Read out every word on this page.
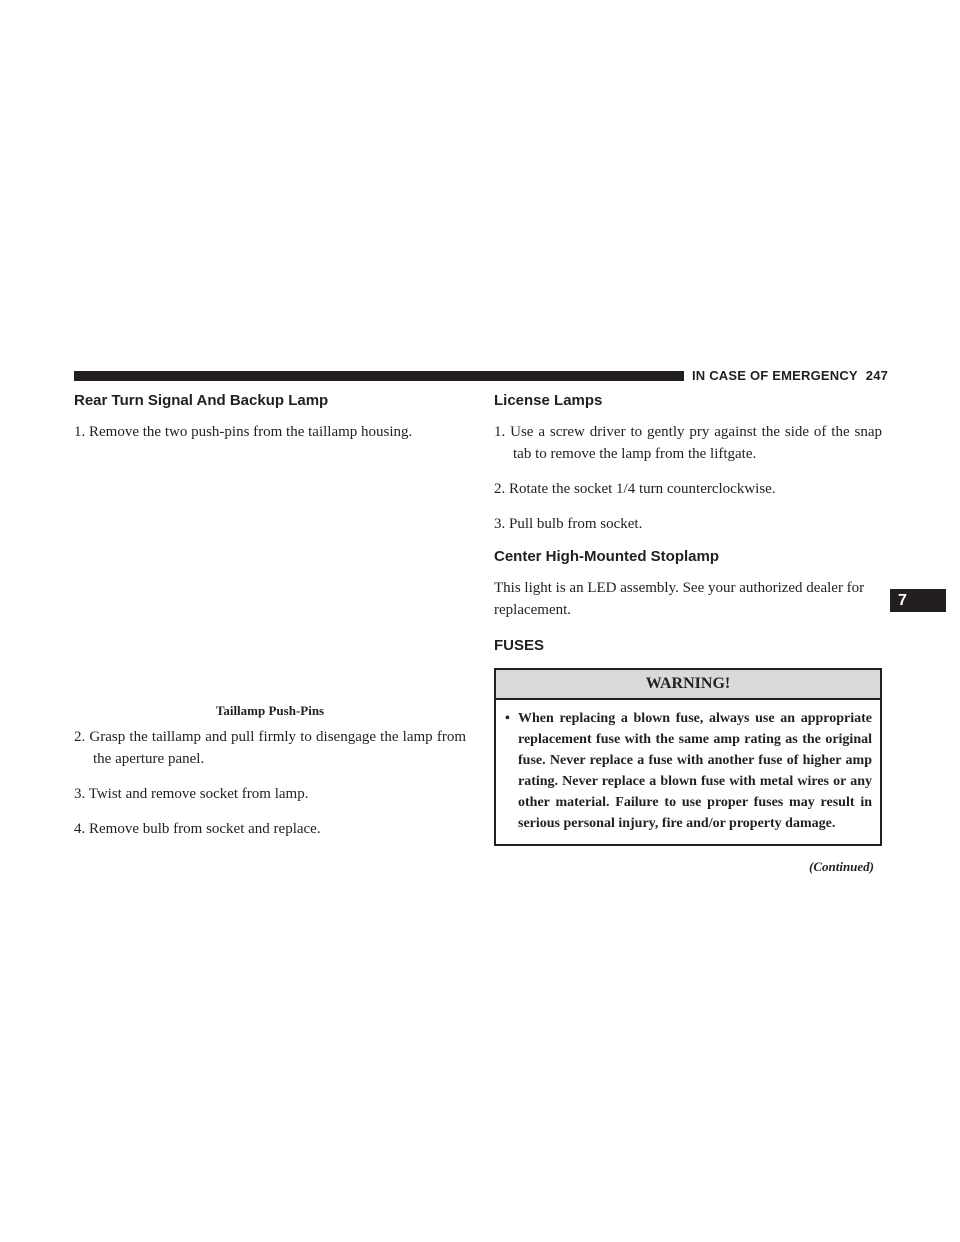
IN CASE OF EMERGENCY 247
Rear Turn Signal And Backup Lamp

1. Remove the two push-pins from the taillamp housing.

Taillamp Push-Pins

2. Grasp the taillamp and pull firmly to disengage the lamp from the aperture panel.

3. Twist and remove socket from lamp.

4. Remove bulb from socket and replace.

License Lamps

1. Use a screw driver to gently pry against the side of the snap tab to remove the lamp from the liftgate.

2. Rotate the socket 1/4 turn counterclockwise.

3. Pull bulb from socket.

Center High-Mounted Stoplamp

This light is an LED assembly. See your authorized dealer for replacement.

FUSES
WARNING!
• When replacing a blown fuse, always use an appropriate replacement fuse with the same amp rating as the original fuse. Never replace a fuse with another fuse of higher amp rating. Never replace a blown fuse with metal wires or any other material. Failure to use proper fuses may result in serious personal injury, fire and/or property damage.

(Continued)

7
